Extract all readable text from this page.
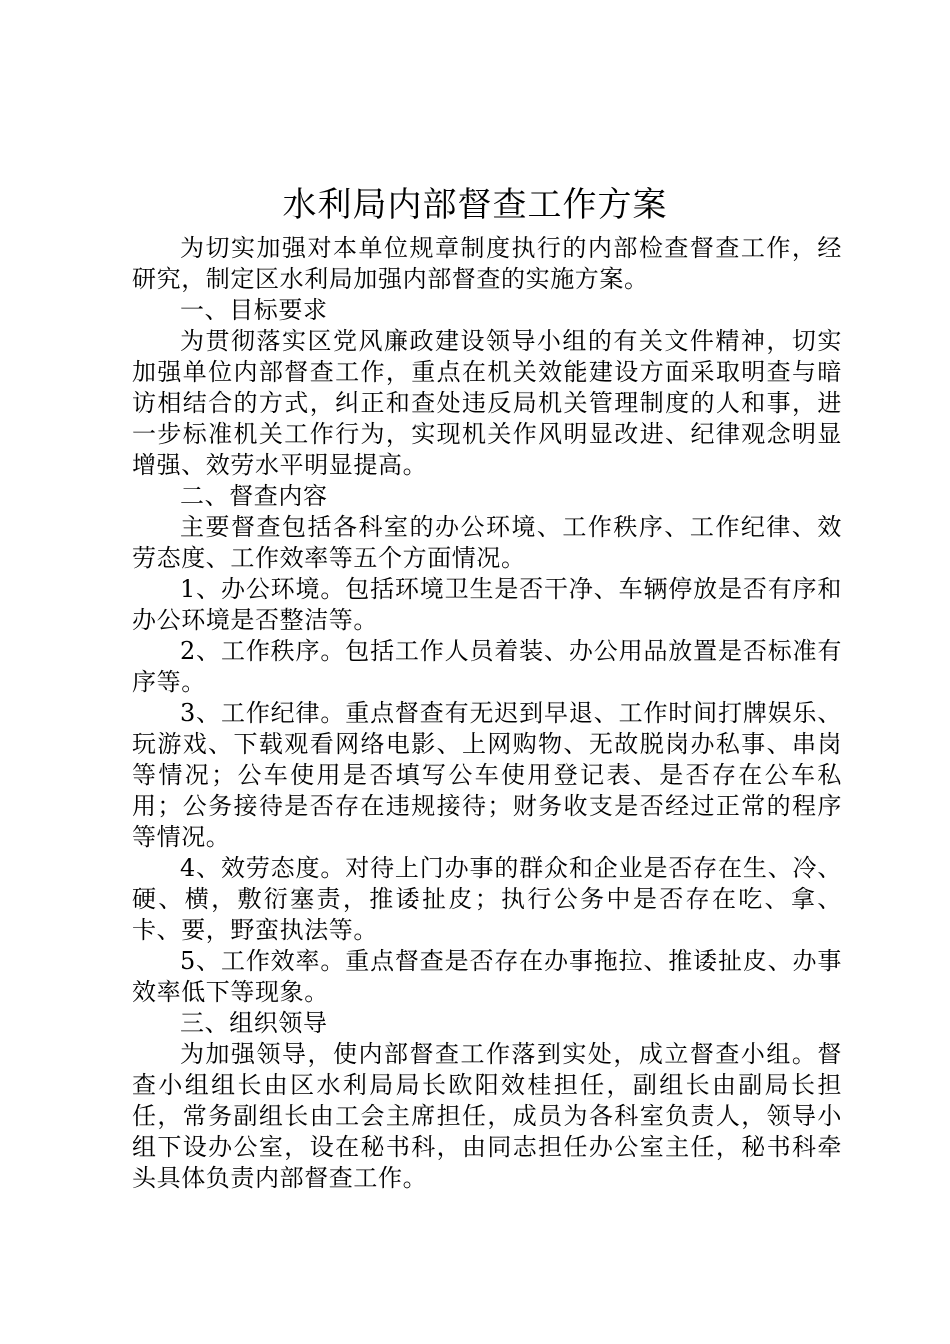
水利局内部督查工作方案

为切实加强对本单位规章制度执行的内部检查督查工作，经研究，制定区水利局加强内部督查的实施方案。

一、目标要求

为贯彻落实区党风廉政建设领导小组的有关文件精神，切实加强单位内部督查工作，重点在机关效能建设方面采取明查与暗访相结合的方式，纠正和查处违反局机关管理制度的人和事，进一步标准机关工作行为，实现机关作风明显改进、纪律观念明显增强、效劳水平明显提高。

二、督查内容

主要督查包括各科室的办公环境、工作秩序、工作纪律、效劳态度、工作效率等五个方面情况。

1、办公环境。包括环境卫生是否干净、车辆停放是否有序和办公环境是否整洁等。

2、工作秩序。包括工作人员着装、办公用品放置是否标准有序等。

3、工作纪律。重点督查有无迟到早退、工作时间打牌娱乐、玩游戏、下载观看网络电影、上网购物、无故脱岗办私事、串岗等情况；公车使用是否填写公车使用登记表、是否存在公车私用；公务接待是否存在违规接待；财务收支是否经过正常的程序等情况。

4、效劳态度。对待上门办事的群众和企业是否存在生、冷、硬、横，敷衍塞责，推诿扯皮；执行公务中是否存在吃、拿、卡、要，野蛮执法等。

5、工作效率。重点督查是否存在办事拖拉、推诿扯皮、办事效率低下等现象。

三、组织领导

为加强领导，使内部督查工作落到实处，成立督查小组。督查小组组长由区水利局局长欧阳效桂担任，副组长由副局长担任，常务副组长由工会主席担任，成员为各科室负责人，领导小组下设办公室，设在秘书科，由同志担任办公室主任，秘书科牵头具体负责内部督查工作。
